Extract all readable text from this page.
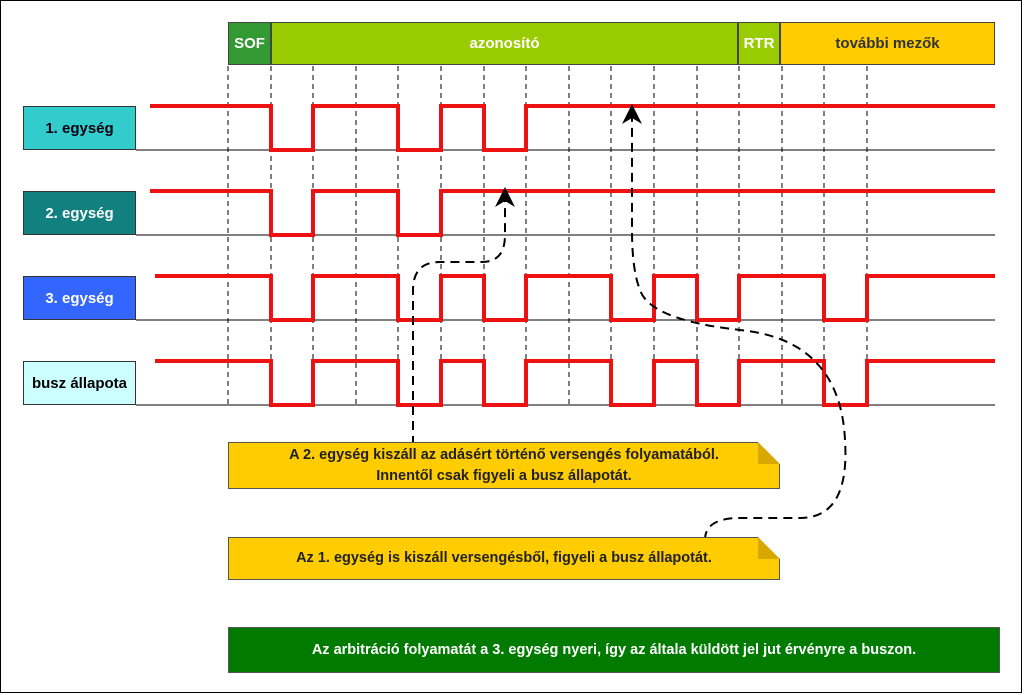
SOF	azonosító	RTR	további mezők
1. egység
2. egység
3. egység
busz állapota
A 2. egység kiszáll az adásért történő versengés folyamatából.
Innentől csak figyeli a busz állapotát.
Az 1. egység is kiszáll versengésből, figyeli a busz állapotát.
Az arbitráció folyamatát a 3. egység nyeri, így az általa küldött jel jut érvényre a buszon.
